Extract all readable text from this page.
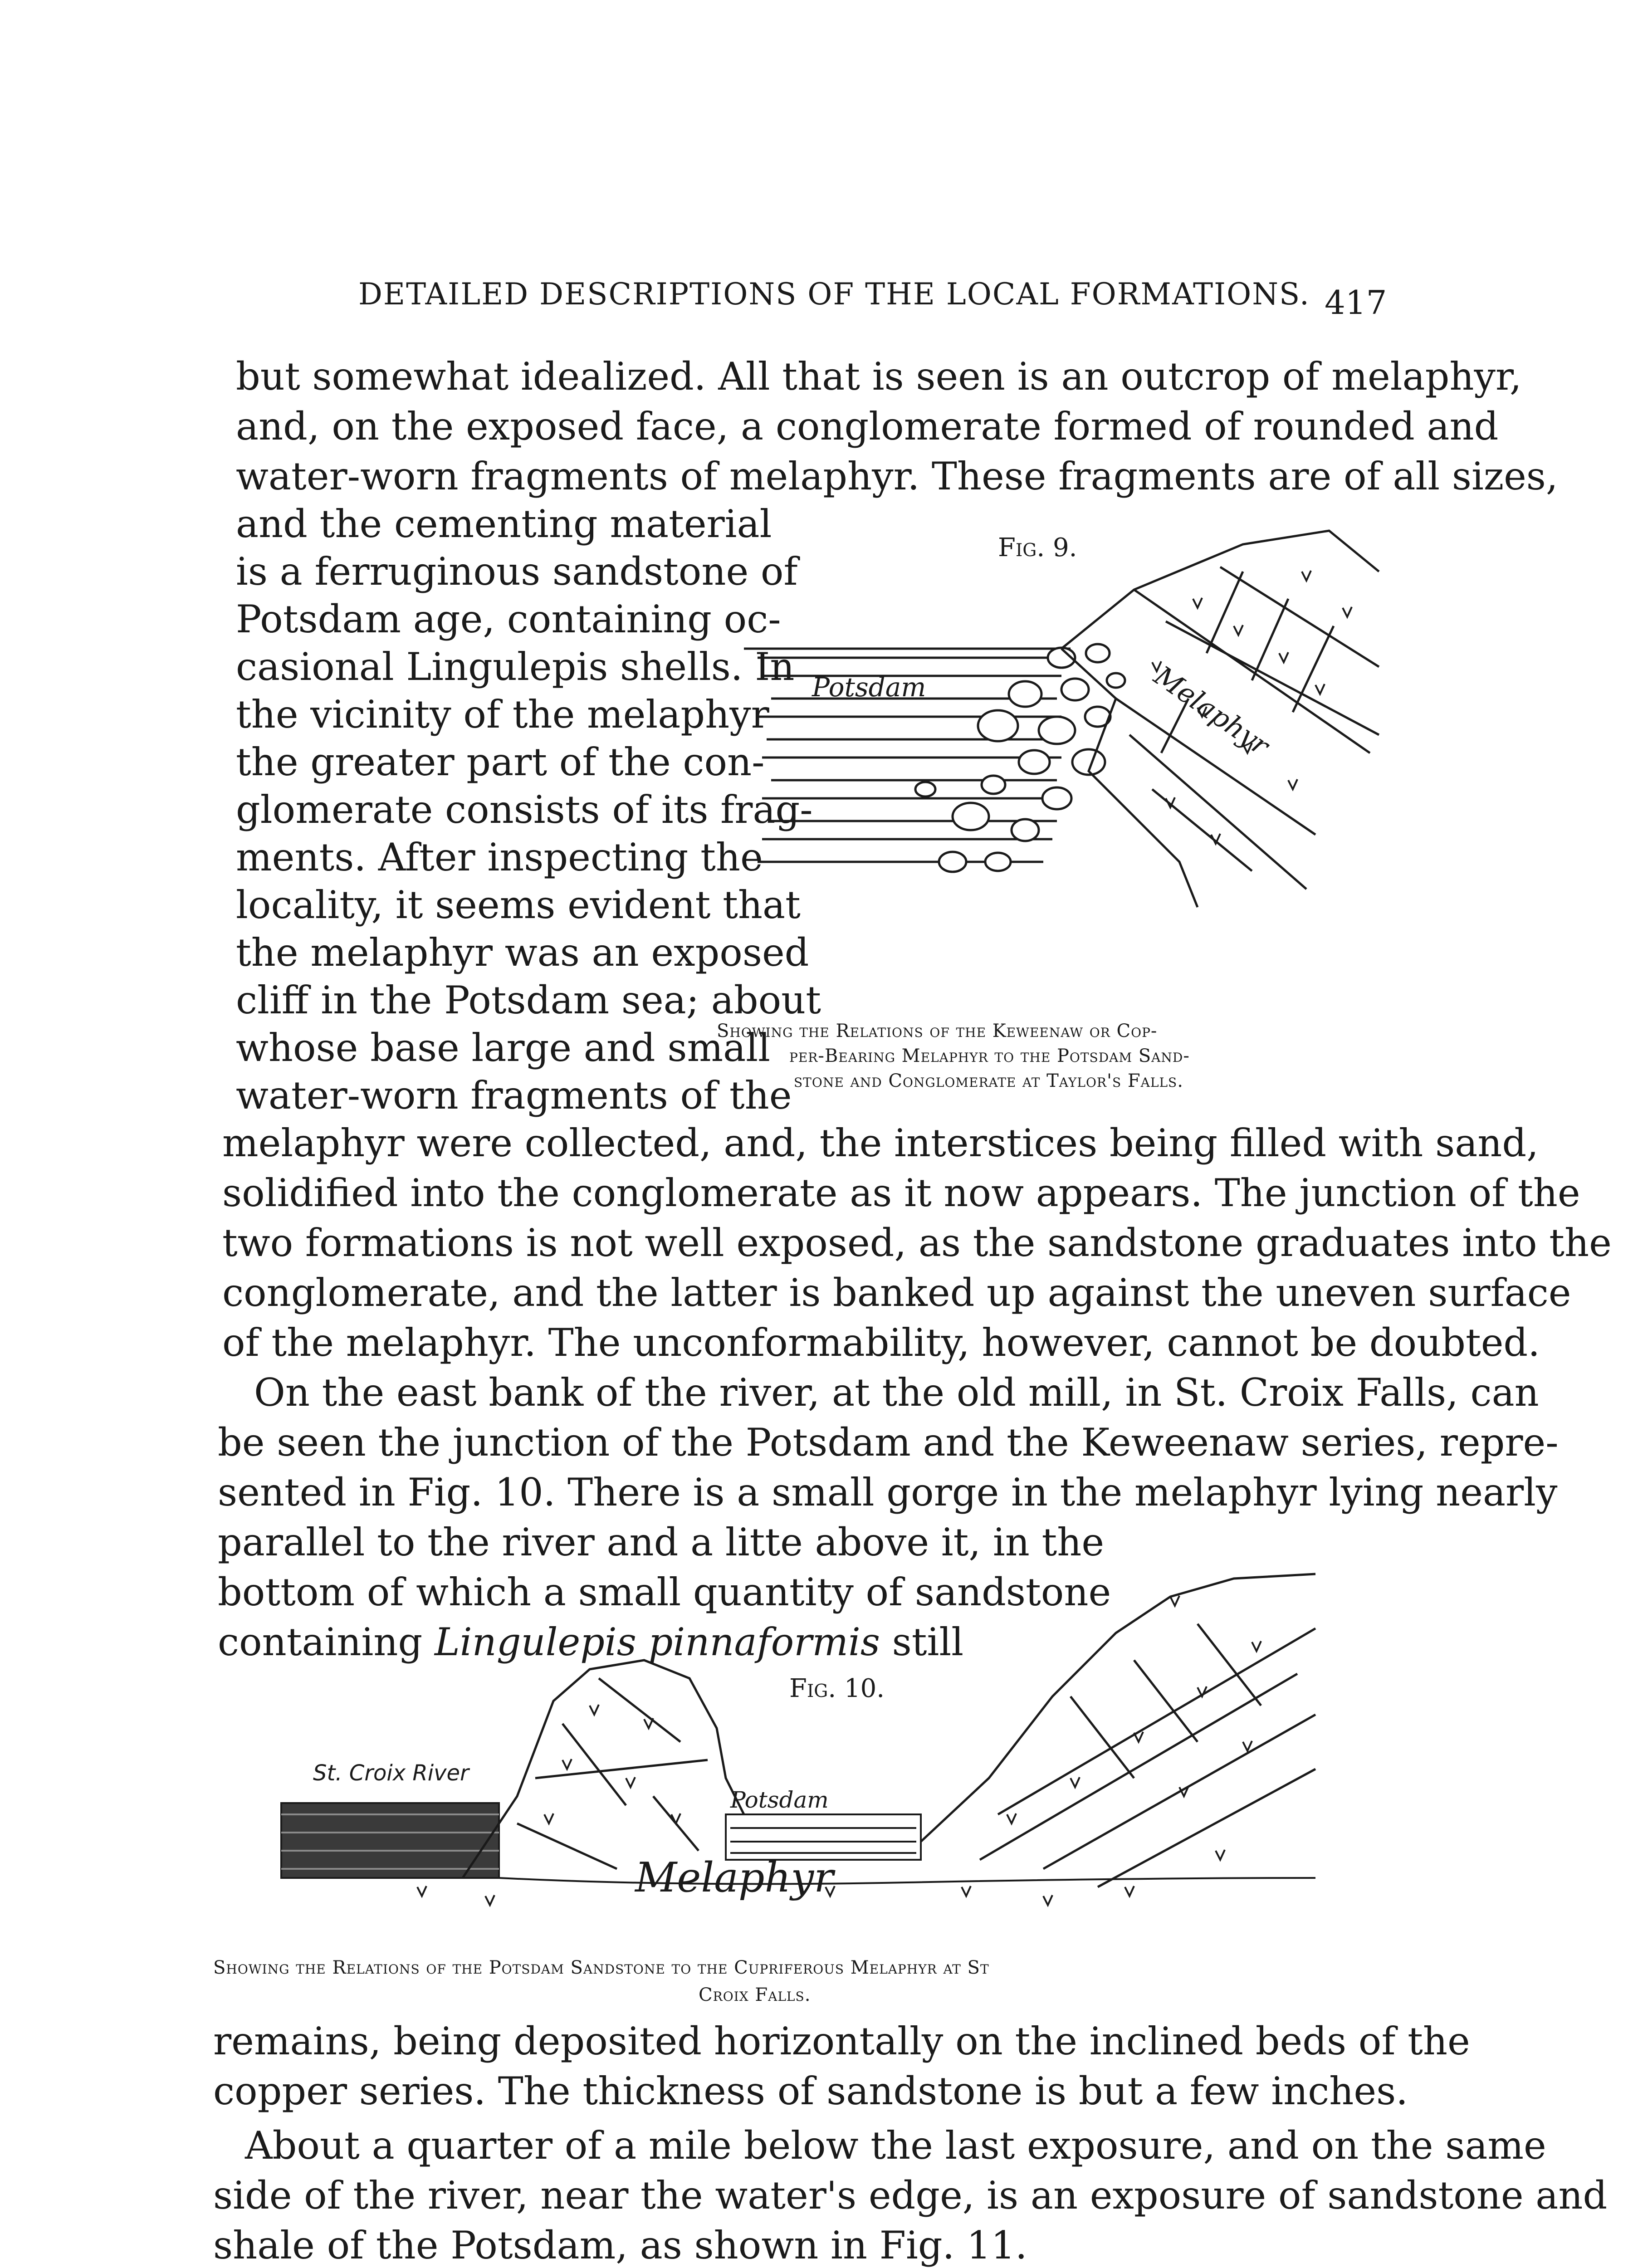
DETAILED DESCRIPTIONS OF THE LOCAL FORMATIONS. 417
but somewhat idealized. All that is seen is an outcrop of melaphyr,
and, on the exposed face, a conglomerate formed of rounded and
water-worn fragments of melaphyr. These fragments are of all sizes,
and the cementing material
is a ferruginous sandstone of
Potsdam age, containing oc-
casional Lingulepis shells. In
the vicinity of the melaphyr
the greater part of the con-
glomerate consists of its frag-
ments. After inspecting the
locality, it seems evident that
the melaphyr was an exposed
cliff in the Potsdam sea; about
whose base large and small
water-worn fragments of the
Fig. 9.
Potsdam	Melaphyr
Showing the Relations of the Keweenaw or Cop-
per-Bearing Melaphyr to the Potsdam Sand-
stone and Conglomerate at Taylor's Falls.
melaphyr were collected, and, the interstices being filled with sand,
solidified into the conglomerate as it now appears. The junction of the
two formations is not well exposed, as the sandstone graduates into the
conglomerate, and the latter is banked up against the uneven surface
of the melaphyr. The unconformability, however, cannot be doubted.
On the east bank of the river, at the old mill, in St. Croix Falls, can
be seen the junction of the Potsdam and the Keweenaw series, repre-
sented in Fig. 10. There is a small gorge in the melaphyr lying nearly
parallel to the river and a litte above it, in the
bottom of which a small quantity of sandstone
containing Lingulepis pinnaformis still
Fig. 10.
St. Croix River
Potsdam
Melaphyr
Showing the Relations of the Potsdam Sandstone to the Cupriferous Melaphyr at St
Croix Falls.
remains, being deposited horizontally on the inclined beds of the
copper series. The thickness of sandstone is but a few inches.
About a quarter of a mile below the last exposure, and on the same
side of the river, near the water's edge, is an exposure of sandstone and
shale of the Potsdam, as shown in Fig. 11.
